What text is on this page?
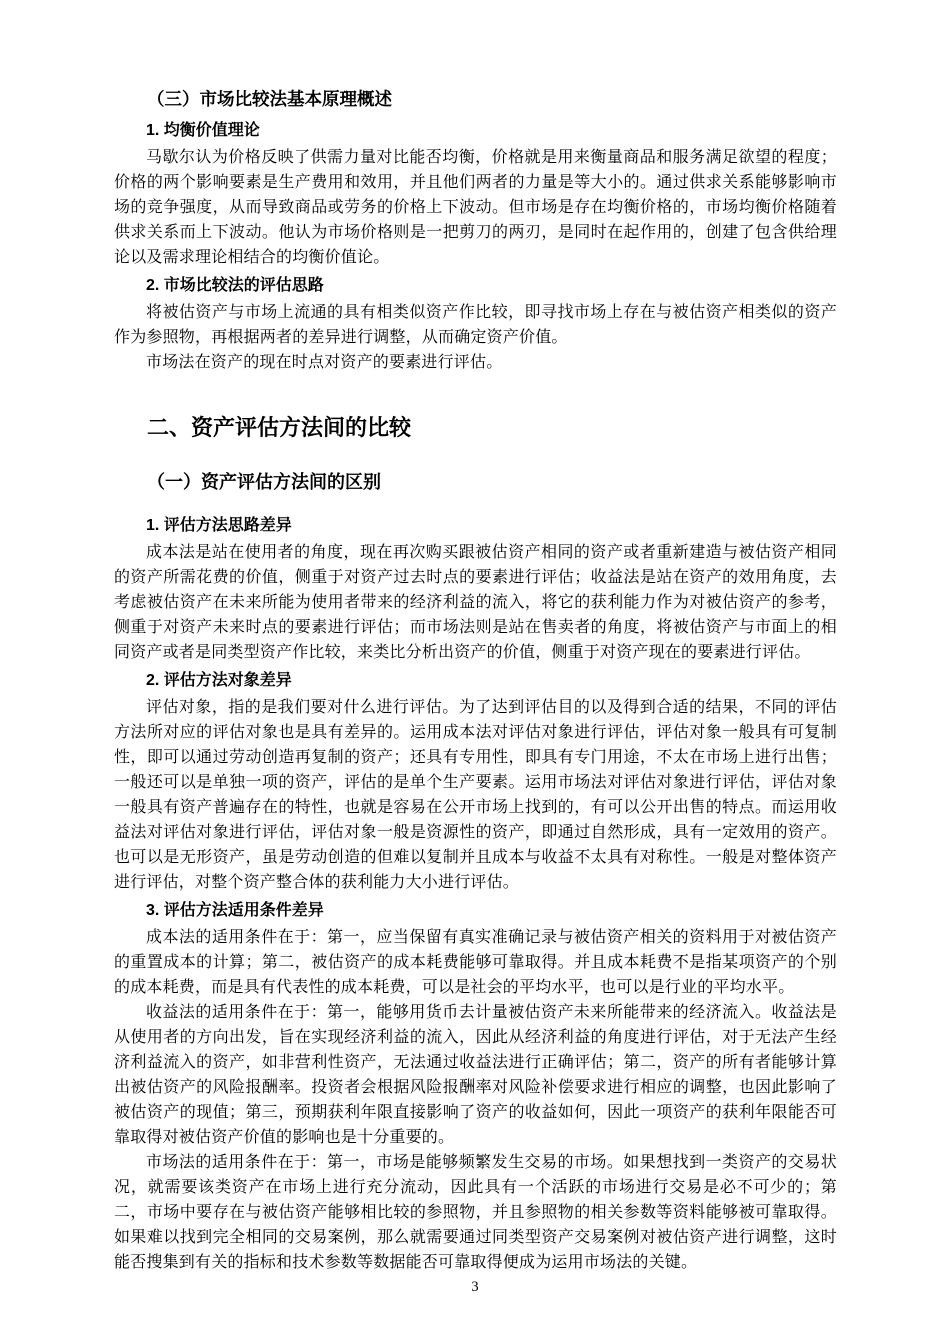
（三）市场比较法基本原理概述
1. 均衡价值理论

马歇尔认为价格反映了供需力量对比能否均衡，价格就是用来衡量商品和服务满足欲望的程度；价格的两个影响要素是生产费用和效用，并且他们两者的力量是等大小的。通过供求关系能够影响市场的竞争强度，从而导致商品或劳务的价格上下波动。但市场是存在均衡价格的，市场均衡价格随着供求关系而上下波动。他认为市场价格则是一把剪刀的两刃，是同时在起作用的，创建了包含供给理论以及需求理论相结合的均衡价值论。

2. 市场比较法的评估思路

将被估资产与市场上流通的具有相类似资产作比较，即寻找市场上存在与被估资产相类似的资产作为参照物，再根据两者的差异进行调整，从而确定资产价值。

市场法在资产的现在时点对资产的要素进行评估。

二、资产评估方法间的比较
（一）资产评估方法间的区别
1. 评估方法思路差异

成本法是站在使用者的角度，现在再次购买跟被估资产相同的资产或者重新建造与被估资产相同的资产所需花费的价值，侧重于对资产过去时点的要素进行评估；收益法是站在资产的效用角度，去考虑被估资产在未来所能为使用者带来的经济利益的流入，将它的获利能力作为对被估资产的参考，侧重于对资产未来时点的要素进行评估；而市场法则是站在售卖者的角度，将被估资产与市面上的相同资产或者是同类型资产作比较，来类比分析出资产的价值，侧重于对资产现在的要素进行评估。

2. 评估方法对象差异

评估对象，指的是我们要对什么进行评估。为了达到评估目的以及得到合适的结果，不同的评估方法所对应的评估对象也是具有差异的。运用成本法对评估对象进行评估，评估对象一般具有可复制性，即可以通过劳动创造再复制的资产；还具有专用性，即具有专门用途，不太在市场上进行出售；一般还可以是单独一项的资产，评估的是单个生产要素。运用市场法对评估对象进行评估，评估对象一般具有资产普遍存在的特性，也就是容易在公开市场上找到的，有可以公开出售的特点。而运用收益法对评估对象进行评估，评估对象一般是资源性的资产，即通过自然形成，具有一定效用的资产。也可以是无形资产，虽是劳动创造的但难以复制并且成本与收益不太具有对称性。一般是对整体资产进行评估，对整个资产整合体的获利能力大小进行评估。

3. 评估方法适用条件差异

成本法的适用条件在于：第一，应当保留有真实准确记录与被估资产相关的资料用于对被估资产的重置成本的计算；第二，被估资产的成本耗费能够可靠取得。并且成本耗费不是指某项资产的个别的成本耗费，而是具有代表性的成本耗费，可以是社会的平均水平，也可以是行业的平均水平。

收益法的适用条件在于：第一，能够用货币去计量被估资产未来所能带来的经济流入。收益法是从使用者的方向出发，旨在实现经济利益的流入，因此从经济利益的角度进行评估，对于无法产生经济利益流入的资产，如非营利性资产，无法通过收益法进行正确评估；第二，资产的所有者能够计算出被估资产的风险报酬率。投资者会根据风险报酬率对风险补偿要求进行相应的调整，也因此影响了被估资产的现值；第三，预期获利年限直接影响了资产的收益如何，因此一项资产的获利年限能否可靠取得对被估资产价值的影响也是十分重要的。

市场法的适用条件在于：第一，市场是能够频繁发生交易的市场。如果想找到一类资产的交易状况，就需要该类资产在市场上进行充分流动，因此具有一个活跃的市场进行交易是必不可少的；第二，市场中要存在与被估资产能够相比较的参照物，并且参照物的相关参数等资料能够被可靠取得。如果难以找到完全相同的交易案例，那么就需要通过同类型资产交易案例对被估资产进行调整，这时能否搜集到有关的指标和技术参数等数据能否可靠取得便成为运用市场法的关键。

3
